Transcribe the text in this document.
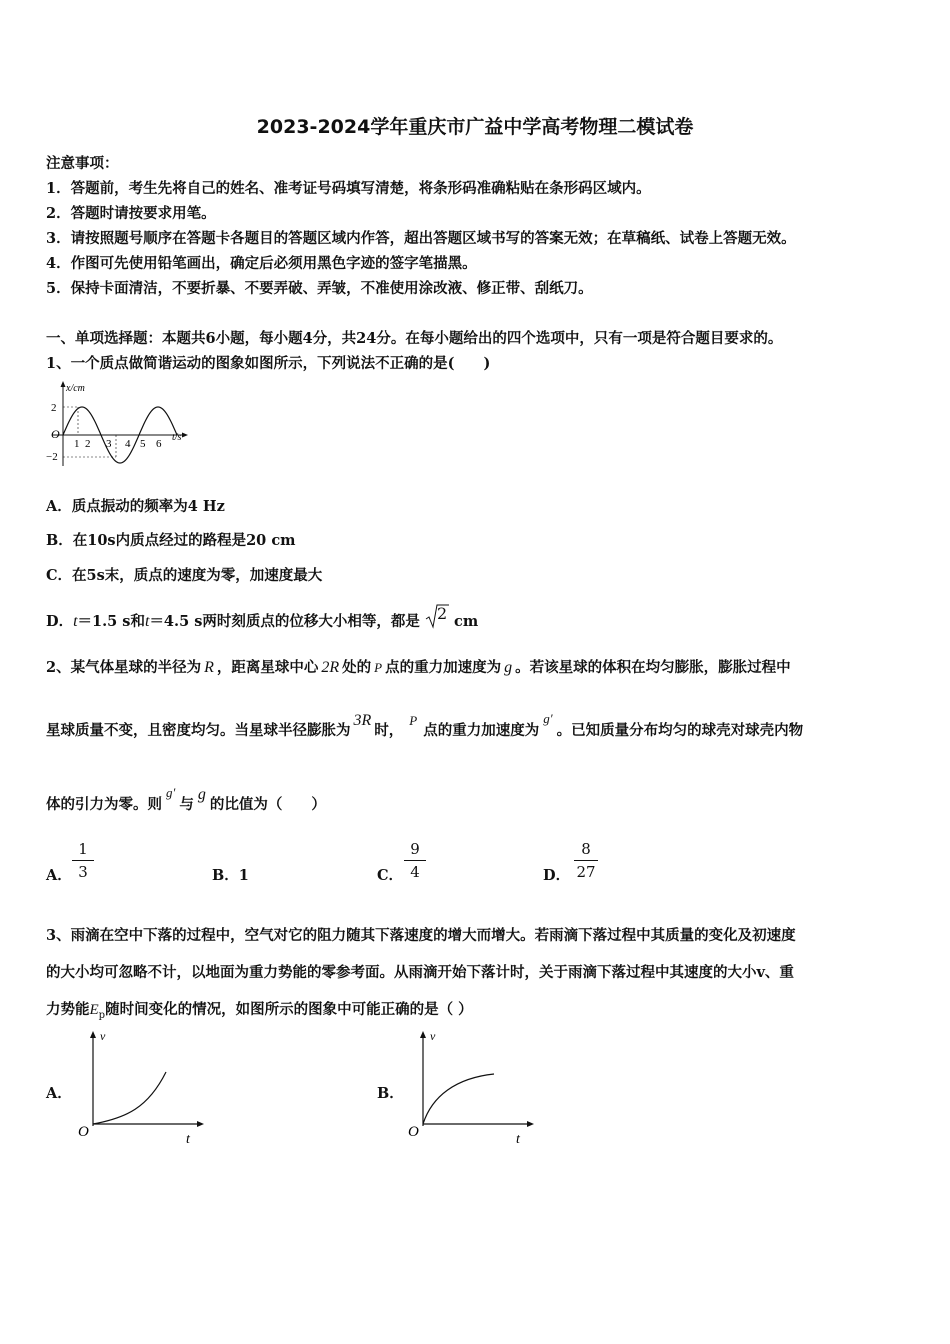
2023-2024学年重庆市广益中学高考物理二模试卷
注意事项：
1．答题前，考生先将自己的姓名、准考证号码填写清楚，将条形码准确粘贴在条形码区域内。
2．答题时请按要求用笔。
3．请按照题号顺序在答题卡各题目的答题区域内作答，超出答题区域书写的答案无效；在草稿纸、试卷上答题无效。
4．作图可先使用铅笔画出，确定后必须用黑色字迹的签字笔描黑。
5．保持卡面清洁，不要折暴、不要弄破、弄皱，不准使用涂改液、修正带、刮纸刀。
一、单项选择题：本题共6小题，每小题4分，共24分。在每小题给出的四个选项中，只有一项是符合题目要求的。
1、一个质点做简谐运动的图象如图所示，下列说法不正确的是(　　)
x/cm
2
−2
O
1 2 3 4 5 6
t/s
A．质点振动的频率为4 Hz
B．在10s内质点经过的路程是20 cm
C．在5s末，质点的速度为零，加速度最大
D．t＝1.5 s和t＝4.5 s两时刻质点的位移大小相等，都是 2 cm
2、某气体星球的半径为 R ，距离星球中心 2R 处的 P 点的重力加速度为 g 。若该星球的体积在均匀膨胀，膨胀过程中
星球质量不变，且密度均匀。当星球半径膨胀为3R时，P点的重力加速度为g′。已知质量分布均匀的球壳对球壳内物
体的引力为零。则g′与g的比值为（　　）
A． $\frac{1}{3}$	B．1	C． $\frac{9}{4}$	D． $\frac{8}{27}$
3、雨滴在空中下落的过程中，空气对它的阻力随其下落速度的增大而增大。若雨滴下落过程中其质量的变化及初速度
的大小均可忽略不计，以地面为重力势能的零参考面。从雨滴开始下落计时，关于雨滴下落过程中其速度的大小v、重
力势能$E_p$随时间变化的情况，如图所示的图象中可能正确的是（ ）
A．
v
O	t
B．
v
O	t
